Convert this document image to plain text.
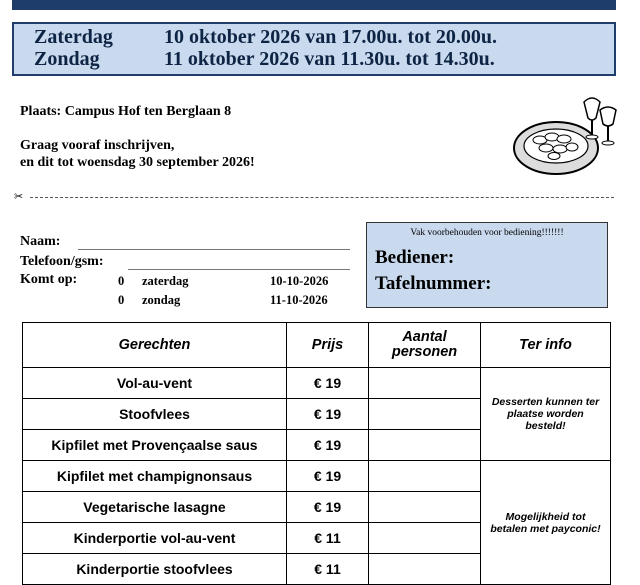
Zaterdag	10 oktober 2026 van 17.00u. tot 20.00u.
Zondag	11 oktober 2026 van 11.30u. tot 14.30u.
Plaats: Campus Hof ten Berglaan 8
Graag vooraf inschrijven,
en dit tot woensdag 30 september 2026!
✂
Naam:
Telefoon/gsm:
Komt op:	0 zaterdag	10-10-2026
0 zondag	11-10-2026
Vak voorbehouden voor bediening!!!!!!!
Bediener:
Tafelnummer:
Gerechten	Prijs	Aantal personen	Ter info
Vol-au-vent	€ 19		Desserten kunnen ter plaatse worden besteld!
Stoofvlees	€ 19		
Kipfilet met Provençaalse saus	€ 19		
Kipfilet met champignonsaus	€ 19		Mogelijkheid tot betalen met payconic!
Vegetarische lasagne	€ 19		
Kinderportie vol-au-vent	€ 11		
Kinderportie stoofvlees	€ 11		
